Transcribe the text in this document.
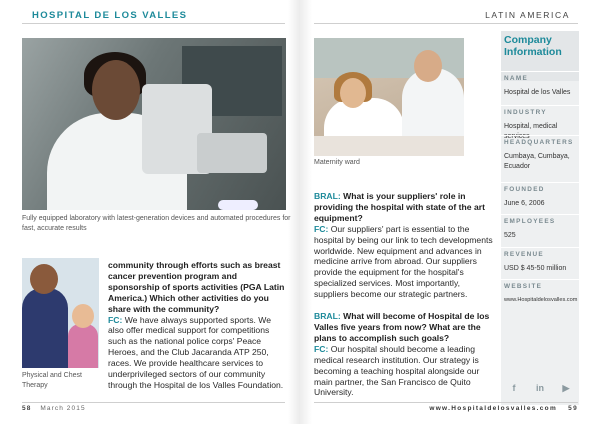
HOSPITAL DE LOS VALLES	LATIN AMERICA
Fully equipped laboratory with latest-generation devices and automated procedures for fast, accurate results
Maternity ward
Physical and Chest Therapy

community through efforts such as breast cancer prevention program and sponsorship of sports activities (PGA Latin America.) Which other activities do you share with the community?

FC: We have always supported sports. We also offer medical support for competitions such as the national police corps' Peace Heroes, and the Club Jacaranda ATP 250, races. We provide healthcare services to underprivileged sectors of our community through the Hospital de los Valles Foundation.

BRAL: What is your suppliers' role in providing the hospital with state of the art equipment?

FC: Our suppliers' part is essential to the hospital by being our link to tech developments worldwide. New equipment and advances in medicine arrive from abroad. Our suppliers provide the equipment for the hospital's specialized services. Most importantly, suppliers become our strategic partners.

BRAL: What will become of Hospital de los Valles five years from now? What are the plans to accomplish such goals?

FC: Our hospital should become a leading medical research institution. Our strategy is becoming a teaching hospital alongside our main partner, the San Francisco de Quito University.

Company
Information
NAME
Hospital de los Valles
INDUSTRY
Hospital, medical services
HEADQUARTERS
Cumbaya, Cumbaya, Ecuador
FOUNDED
June 6, 2006
EMPLOYEES
525
REVENUE
USD $ 45-50 million
WEBSITE
www.Hospitaldelosvalles.com
f	in ▶
58 March 2015	www.Hospitaldelosvalles.com 59
